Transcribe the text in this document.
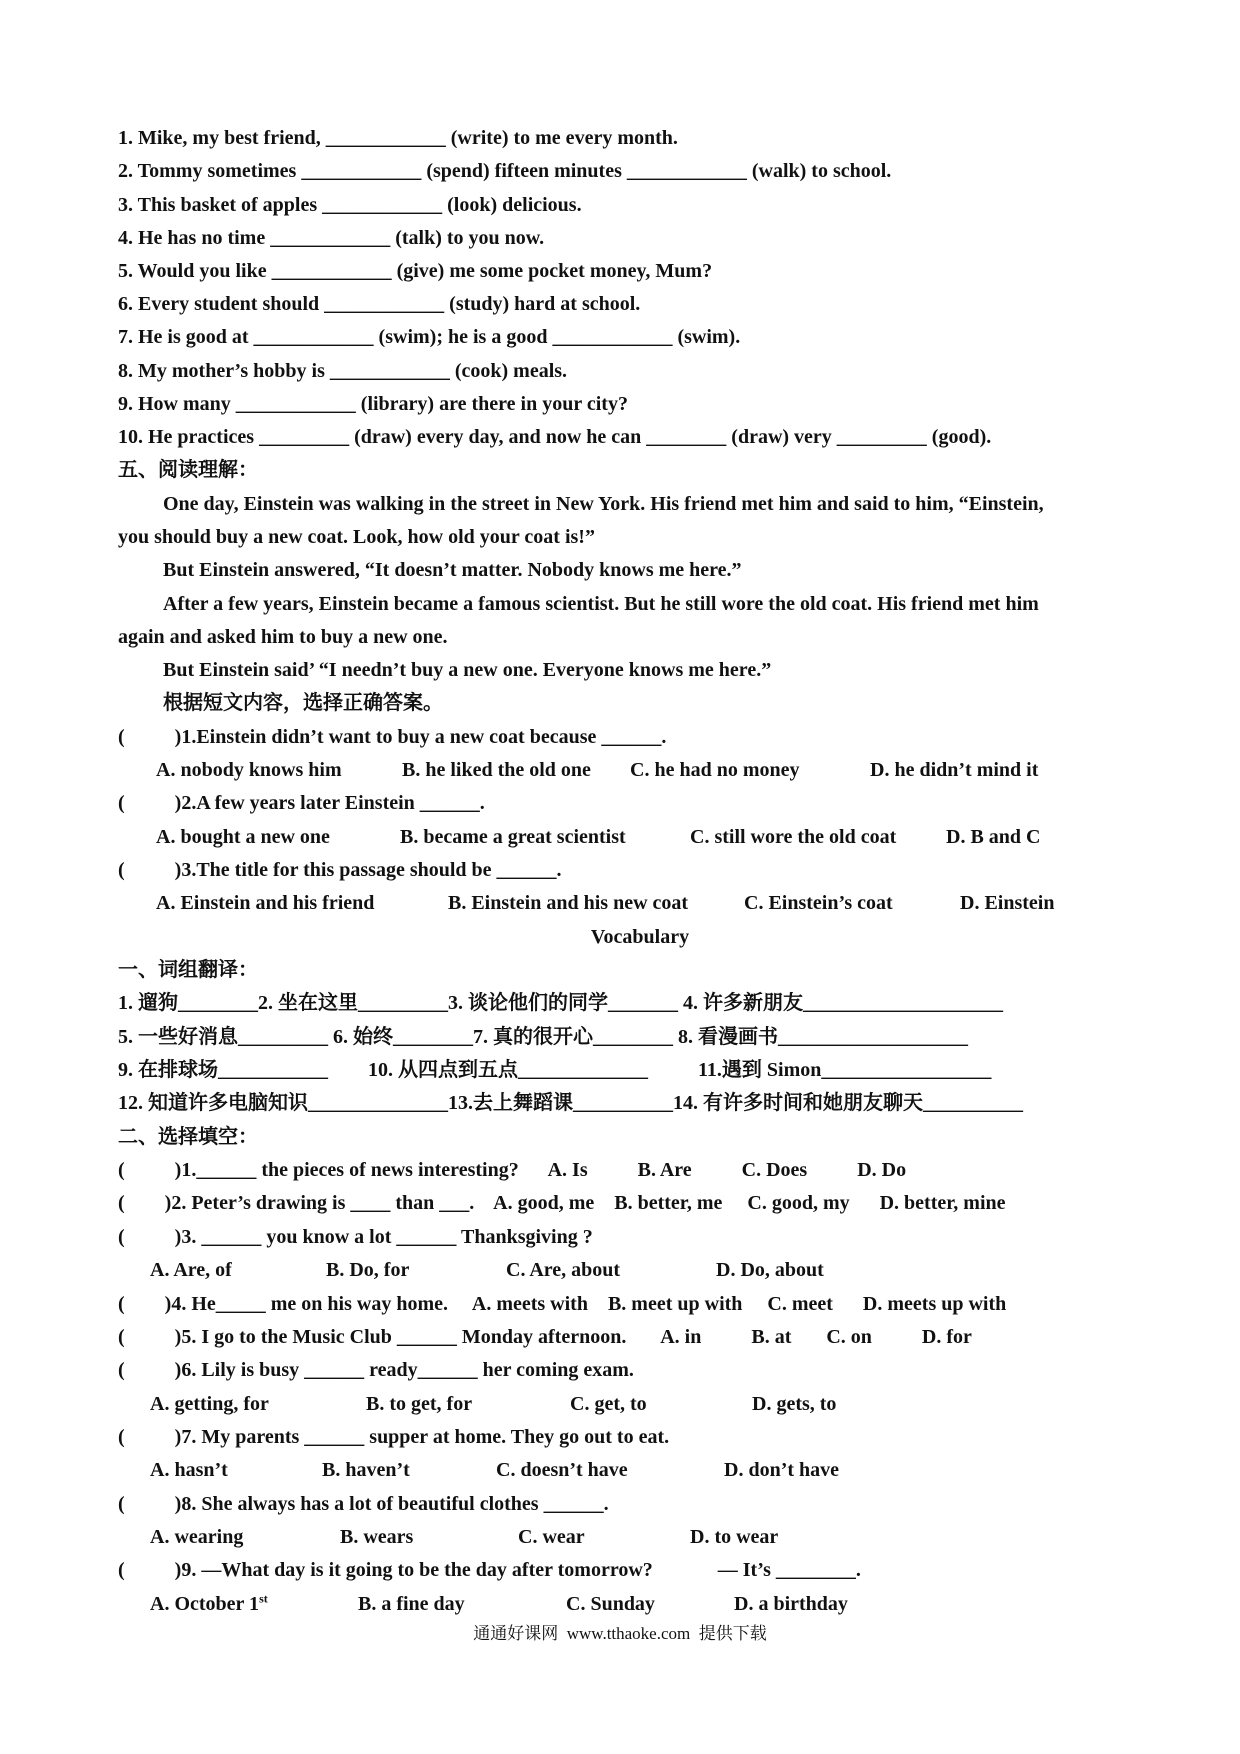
1. Mike, my best friend, ____________ (write) to me every month.
2. Tommy sometimes ____________ (spend) fifteen minutes ____________ (walk) to school.
3. This basket of apples ____________ (look) delicious.
4. He has no time ____________ (talk) to you now.
5. Would you like ____________ (give) me some pocket money, Mum?
6. Every student should ____________ (study) hard at school.
7. He is good at ____________ (swim); he is a good ____________ (swim).
8. My mother’s hobby is ____________ (cook) meals.
9. How many ____________ (library) are there in your city?
10. He practices _________ (draw) every day, and now he can ________ (draw) very _________ (good).
五、阅读理解：
One day, Einstein was walking in the street in New York. His friend met him and said to him, “Einstein,
you should buy a new coat. Look, how old your coat is!”
But Einstein answered, “It doesn’t matter. Nobody knows me here.”
After a few years, Einstein became a famous scientist. But he still wore the old coat. His friend met him
again and asked him to buy a new one.
But Einstein said’ “I needn’t buy a new one. Everyone knows me here.”
根据短文内容，选择正确答案。
(          )1.Einstein didn’t want to buy a new coat because ______.
A. nobody knows him	B. he liked the old one C. he had no money	D. he didn’t mind it
(          )2.A few years later Einstein ______.
A. bought a new one	B. became a great scientist	C. still wore the old coat D. B and C
(          )3.The title for this passage should be ______.
A. Einstein and his friend	B. Einstein and his new coat	C. Einstein’s coat	D. Einstein
Vocabulary
一、词组翻译：
1. 遛狗________2. 坐在这里_________3. 谈论他们的同学_______ 4. 许多新朋友____________________
5. 一些好消息_________ 6. 始终________7. 真的很开心________ 8. 看漫画书___________________
9. 在排球场___________        10. 从四点到五点_____________          11.遇到 Simon_________________
12. 知道许多电脑知识______________13.去上舞蹈课__________14. 有许多时间和她朋友聊天__________
二、选择填空：
(          )1.______ the pieces of news interesting?      A. Is          B. Are          C. Does          D. Do
(        )2. Peter’s drawing is ____ than ___.    A. good, me    B. better, me     C. good, my      D. better, mine
(          )3. ______ you know a lot ______ Thanksgiving ?
A. Are, of	B. Do, for	C. Are, about	D. Do, about
(        )4. He_____ me on his way home.     A. meets with    B. meet up with     C. meet      D. meets up with
(          )5. I go to the Music Club ______ Monday afternoon.       A. in          B. at       C. on          D. for
(          )6. Lily is busy ______ ready______ her coming exam.
A. getting, for	B. to get, for	C. get, to	D. gets, to
(          )7. My parents ______ supper at home. They go out to eat.
A. hasn’t	B. haven’t	C. doesn’t have	D. don’t have
(          )8. She always has a lot of beautiful clothes ______.
A. wearing	B. wears	C. wear	D. to wear
(          )9. —What day is it going to be the day after tomorrow?             — It’s ________.
A. October 1st	B. a fine day	C. Sunday	D. a birthday
通通好课网  www.tthaoke.com  提供下载
